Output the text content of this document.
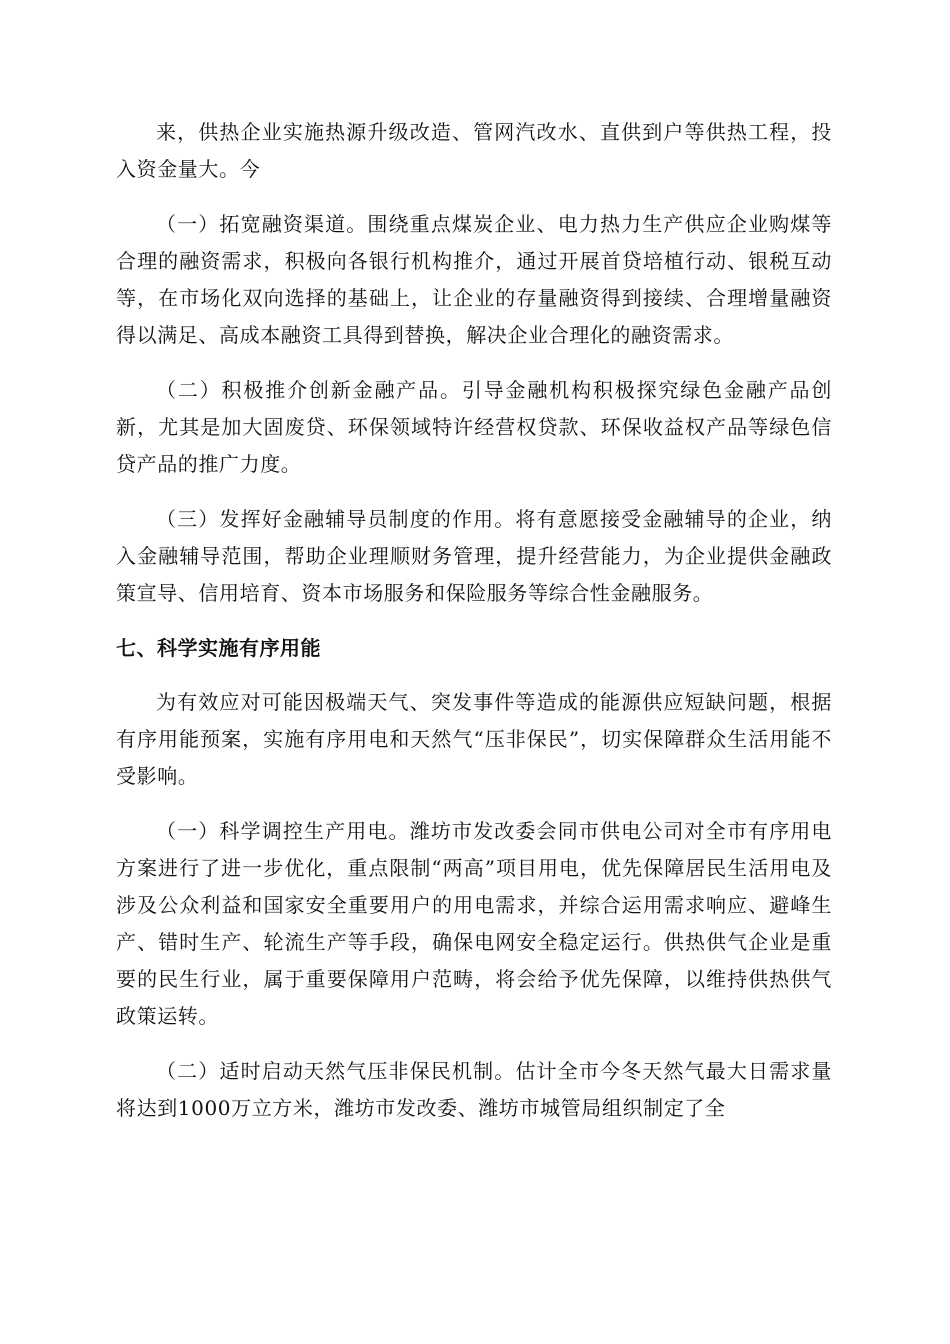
来，供热企业实施热源升级改造、管网汽改水、直供到户等供热工程，投入资金量大。今

（一）拓宽融资渠道。围绕重点煤炭企业、电力热力生产供应企业购煤等合理的融资需求，积极向各银行机构推介，通过开展首贷培植行动、银税互动等，在市场化双向选择的基础上，让企业的存量融资得到接续、合理增量融资得以满足、高成本融资工具得到替换，解决企业合理化的融资需求。

（二）积极推介创新金融产品。引导金融机构积极探究绿色金融产品创新，尤其是加大固废贷、环保领域特许经营权贷款、环保收益权产品等绿色信贷产品的推广力度。

（三）发挥好金融辅导员制度的作用。将有意愿接受金融辅导的企业，纳入金融辅导范围，帮助企业理顺财务管理，提升经营能力，为企业提供金融政策宣导、信用培育、资本市场服务和保险服务等综合性金融服务。

七、科学实施有序用能

为有效应对可能因极端天气、突发事件等造成的能源供应短缺问题，根据有序用能预案，实施有序用电和天然气“压非保民”，切实保障群众生活用能不受影响。

（一）科学调控生产用电。潍坊市发改委会同市供电公司对全市有序用电方案进行了进一步优化，重点限制“两高”项目用电，优先保障居民生活用电及涉及公众利益和国家安全重要用户的用电需求，并综合运用需求响应、避峰生产、错时生产、轮流生产等手段，确保电网安全稳定运行。供热供气企业是重要的民生行业，属于重要保障用户范畴，将会给予优先保障，以维持供热供气政策运转。

（二）适时启动天然气压非保民机制。估计全市今冬天然气最大日需求量将达到1000万立方米，潍坊市发改委、潍坊市城管局组织制定了全
